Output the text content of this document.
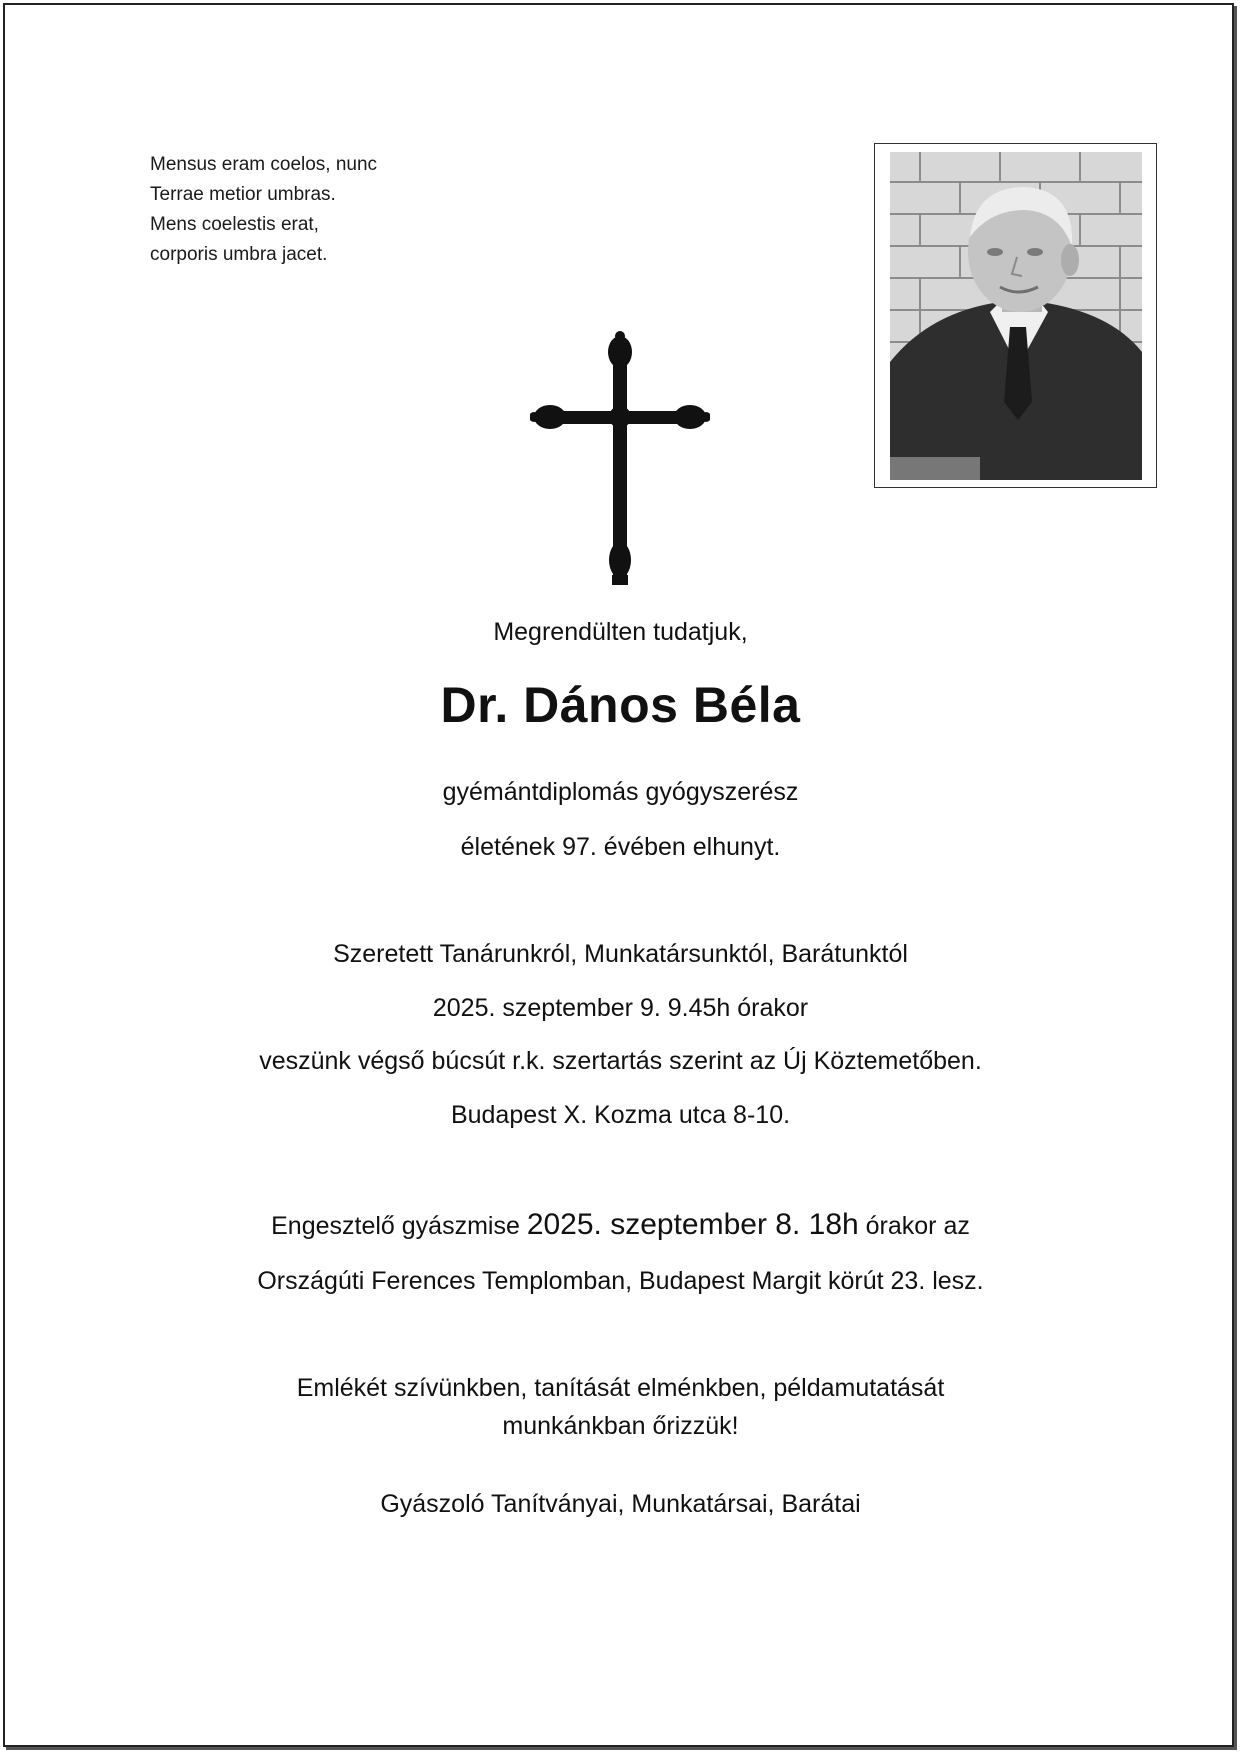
Mensus eram coelos, nunc
Terrae metior umbras.
Mens coelestis erat,
corporis umbra jacet.
Megrendülten tudatjuk,
Dr. Dános Béla
gyémántdiplomás gyógyszerész
életének 97. évében elhunyt.
Szeretett Tanárunkról, Munkatársunktól, Barátunktól
2025. szeptember 9. 9.45h órakor
veszünk végső búcsút r.k. szertartás szerint az Új Köztemetőben.
Budapest X. Kozma utca 8-10.
Engesztelő gyászmise 2025. szeptember 8. 18h órakor az
Országúti Ferences Templomban, Budapest Margit körút 23. lesz.
Emlékét szívünkben, tanítását elménkben, példamutatását
munkánkban őrizzük!
Gyászoló Tanítványai, Munkatársai, Barátai
